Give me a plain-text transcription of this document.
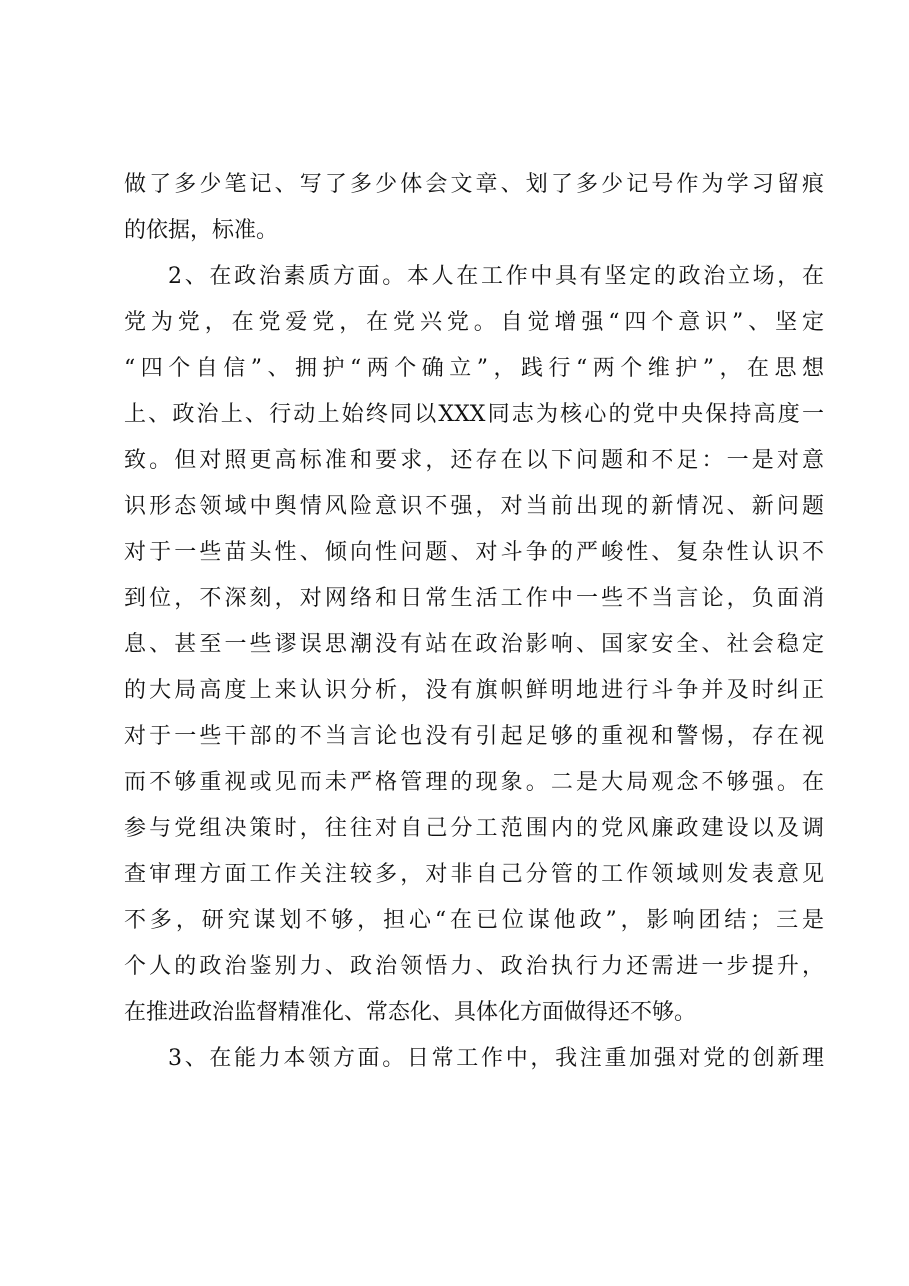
做了多少笔记、写了多少体会文章、划了多少记号作为学习留痕
的依据，标准。
2、在政治素质方面。本人在工作中具有坚定的政治立场，在
党为党，在党爱党，在党兴党。自觉增强“四个意识”、坚定
“四个自信”、拥护“两个确立”，践行“两个维护”，在思想
上、政治上、行动上始终同以XXX同志为核心的党中央保持高度一
致。但对照更高标准和要求，还存在以下问题和不足：一是对意
识形态领域中舆情风险意识不强，对当前出现的新情况、新问题
对于一些苗头性、倾向性问题、对斗争的严峻性、复杂性认识不
到位，不深刻，对网络和日常生活工作中一些不当言论，负面消
息、甚至一些谬误思潮没有站在政治影响、国家安全、社会稳定
的大局高度上来认识分析，没有旗帜鲜明地进行斗争并及时纠正
对于一些干部的不当言论也没有引起足够的重视和警惕，存在视
而不够重视或见而未严格管理的现象。二是大局观念不够强。在
参与党组决策时，往往对自己分工范围内的党风廉政建设以及调
查审理方面工作关注较多，对非自己分管的工作领域则发表意见
不多，研究谋划不够，担心“在已位谋他政”，影响团结；三是
个人的政治鉴别力、政治领悟力、政治执行力还需进一步提升，
在推进政治监督精准化、常态化、具体化方面做得还不够。
3、在能力本领方面。日常工作中，我注重加强对党的创新理
